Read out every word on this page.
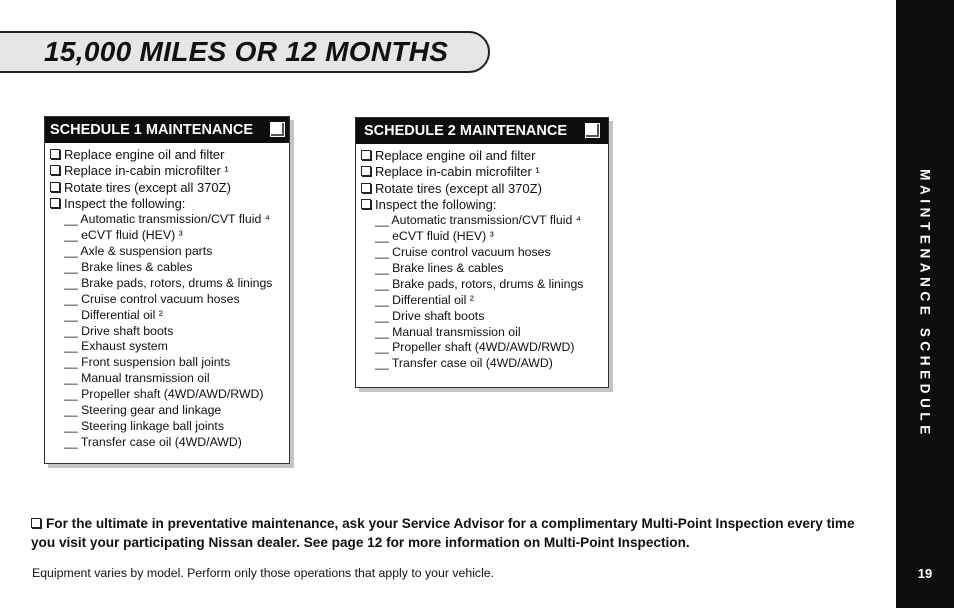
15,000 MILES OR 12 MONTHS
MAINTENANCE SCHEDULE
19
SCHEDULE 1 MAINTENANCE
Replace engine oil and filter
Replace in-cabin microfilter ¹
Rotate tires (except all 370Z)
Inspect the following:
__ Automatic transmission/CVT fluid ⁴
__ eCVT fluid (HEV) ³
__ Axle & suspension parts
__ Brake lines & cables
__ Brake pads, rotors, drums & linings
__ Cruise control vacuum hoses
__ Differential oil ²
__ Drive shaft boots
__ Exhaust system
__ Front suspension ball joints
__ Manual transmission oil
__ Propeller shaft (4WD/AWD/RWD)
__ Steering gear and linkage
__ Steering linkage ball joints
__ Transfer case oil (4WD/AWD)
SCHEDULE 2 MAINTENANCE
Replace engine oil and filter
Replace in-cabin microfilter ¹
Rotate tires (except all 370Z)
Inspect the following:
__ Automatic transmission/CVT fluid ⁴
__ eCVT fluid (HEV) ³
__ Cruise control vacuum hoses
__ Brake lines & cables
__ Brake pads, rotors, drums & linings
__ Differential oil ²
__ Drive shaft boots
__ Manual transmission oil
__ Propeller shaft (4WD/AWD/RWD)
__ Transfer case oil (4WD/AWD)
For the ultimate in preventative maintenance, ask your Service Advisor for a complimentary Multi-Point Inspection every time you visit your participating Nissan dealer. See page 12 for more information on Multi-Point Inspection.
Equipment varies by model. Perform only those operations that apply to your vehicle.
